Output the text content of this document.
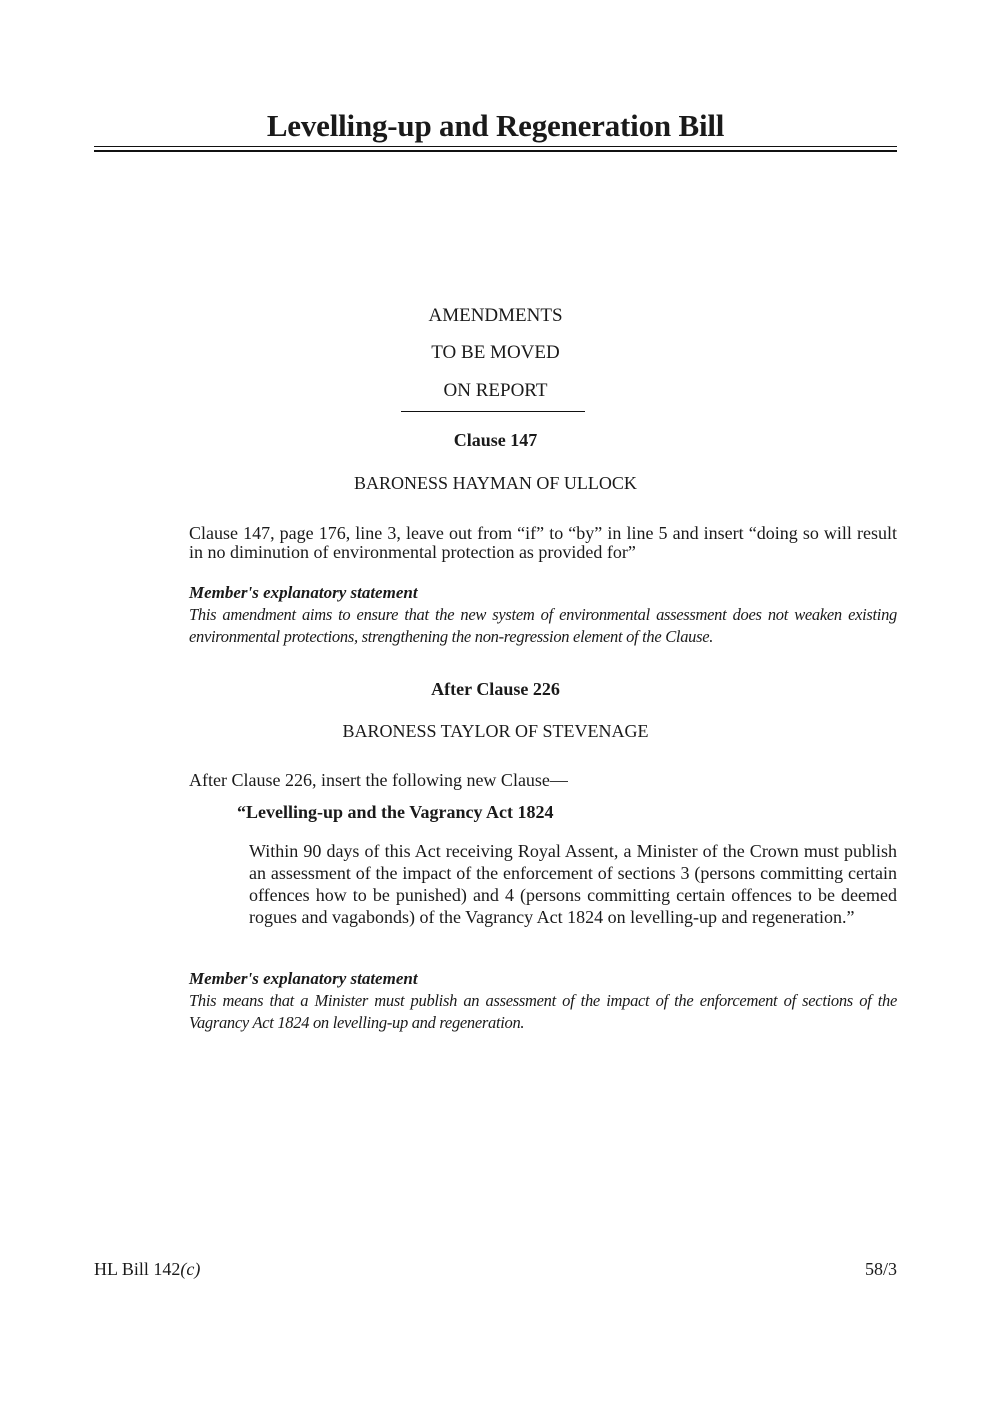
Levelling-up and Regeneration Bill
AMENDMENTS
TO BE MOVED
ON REPORT
Clause 147
BARONESS HAYMAN OF ULLOCK
Clause 147, page 176, line 3, leave out from “if” to “by” in line 5 and insert “doing so will result in no diminution of environmental protection as provided for”
Member's explanatory statement
This amendment aims to ensure that the new system of environmental assessment does not weaken existing environmental protections, strengthening the non-regression element of the Clause.
After Clause 226
BARONESS TAYLOR OF STEVENAGE
After Clause 226, insert the following new Clause—
“Levelling-up and the Vagrancy Act 1824
Within 90 days of this Act receiving Royal Assent, a Minister of the Crown must publish an assessment of the impact of the enforcement of sections 3 (persons committing certain offences how to be punished) and 4 (persons committing certain offences to be deemed rogues and vagabonds) of the Vagrancy Act 1824 on levelling-up and regeneration.”
Member's explanatory statement
This means that a Minister must publish an assessment of the impact of the enforcement of sections of the Vagrancy Act 1824 on levelling-up and regeneration.
HL Bill 142(c)	58/3
